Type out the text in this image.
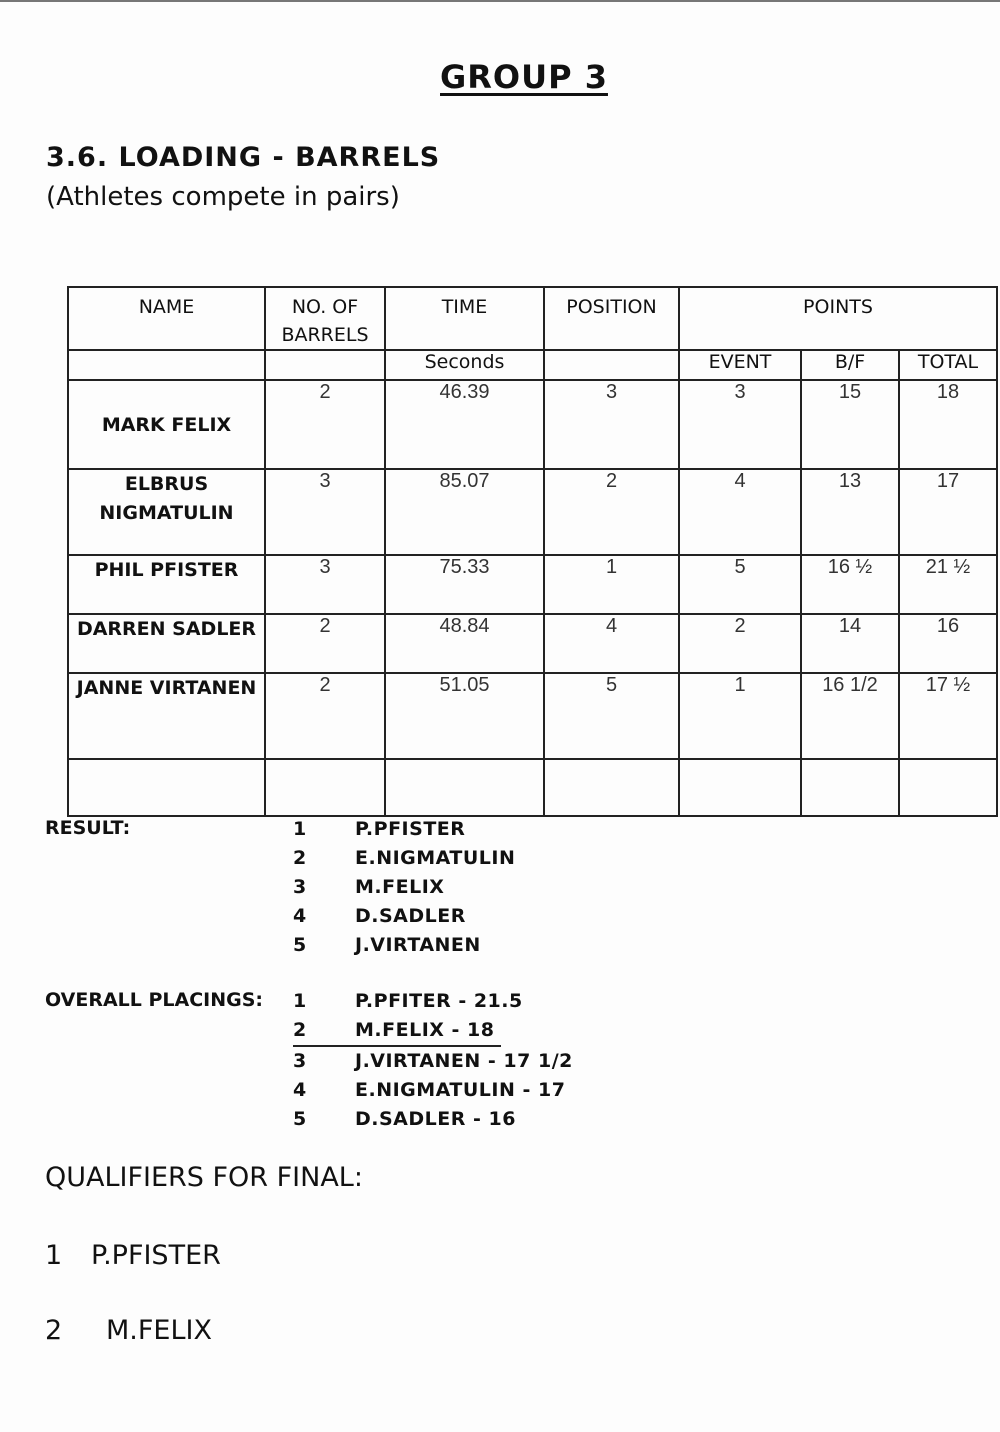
GROUP 3
3.6. LOADING - BARRELS
(Athletes compete in pairs)
NAME	NO. OF BARRELS	TIME	POSITION	POINTS		
		Seconds		EVENT	B/F	TOTAL
MARK FELIX	2	46.39	3	3	15	18
ELBRUS NIGMATULIN	3	85.07	2	4	13	17
PHIL PFISTER	3	75.33	1	5	16 ½	21 ½
DARREN SADLER	2	48.84	4	2	14	16
JANNE VIRTANEN	2	51.05	5	1	16 1/2	17 ½

RESULT:	1	P.PFISTER
2	E.NIGMATULIN
3	M.FELIX
4	D.SADLER
5	J.VIRTANEN
OVERALL PLACINGS: 1	P.PFITER - 21.5
2	M.FELIX - 18
3	J.VIRTANEN - 17 1/2
4	E.NIGMATULIN - 17
5	D.SADLER - 16
QUALIFIERS FOR FINAL:
1 P.PFISTER
2 M.FELIX
